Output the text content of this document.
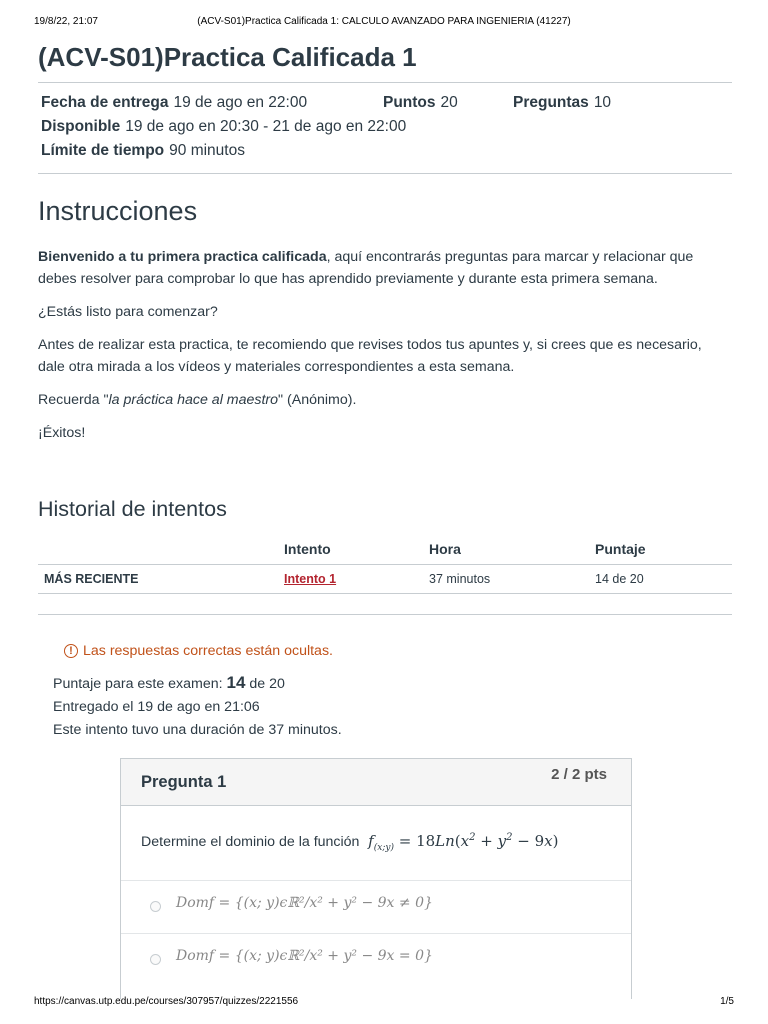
19/8/22, 21:07	(ACV-S01)Practica Calificada 1: CALCULO AVANZADO PARA INGENIERIA (41227)
(ACV-S01)Practica Calificada 1
Fecha de entrega 19 de ago en 22:00	Puntos 20	Preguntas 10
Disponible 19 de ago en 20:30 - 21 de ago en 22:00
Límite de tiempo 90 minutos
Instrucciones

Bienvenido a tu primera practica calificada, aquí encontrarás preguntas para marcar y relacionar que debes resolver para comprobar lo que has aprendido previamente y durante esta primera semana.

¿Estás listo para comenzar?

Antes de realizar esta practica, te recomiendo que revises todos tus apuntes y, si crees que es necesario, dale otra mirada a los vídeos y materiales correspondientes a esta semana.

Recuerda "la práctica hace al maestro" (Anónimo).

¡Éxitos!

Historial de intentos
	Intento	Hora	Puntaje
MÁS RECIENTE	Intento 1	37 minutos	14 de 20
! Las respuestas correctas están ocultas.
Puntaje para este examen: 14 de 20
Entregado el 19 de ago en 21:06
Este intento tuvo una duración de 37 minutos.
Pregunta 1	2 / 2 pts
Determine el dominio de la función  $f_{(x;y)} = 18Ln(x^2 + y^2 - 9x)$
Domf = {(x; y)ϵℝ²/x² + y² − 9x ≠ 0}
Domf = {(x; y)ϵℝ²/x² + y² − 9x = 0}
https://canvas.utp.edu.pe/courses/307957/quizzes/2221556	1/5
